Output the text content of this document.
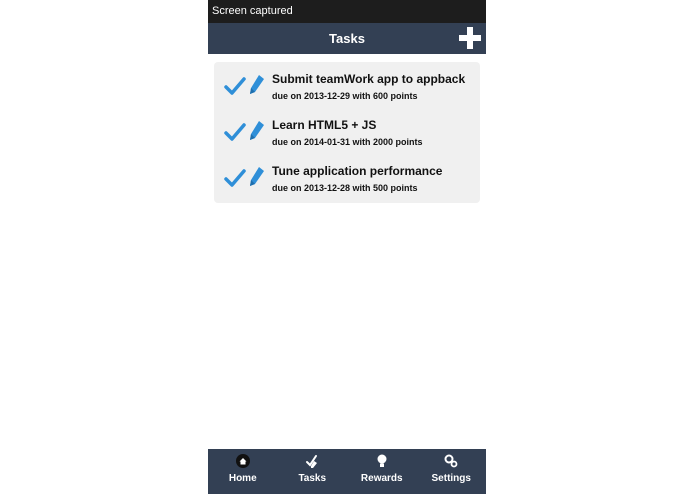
Screen captured
Tasks
Submit teamWork app to appback
due on 2013-12-29 with 600 points
Learn HTML5 + JS
due on 2014-01-31 with 2000 points
Tune application performance
due on 2013-12-28 with 500 points
Home	Tasks	Rewards	Settings
